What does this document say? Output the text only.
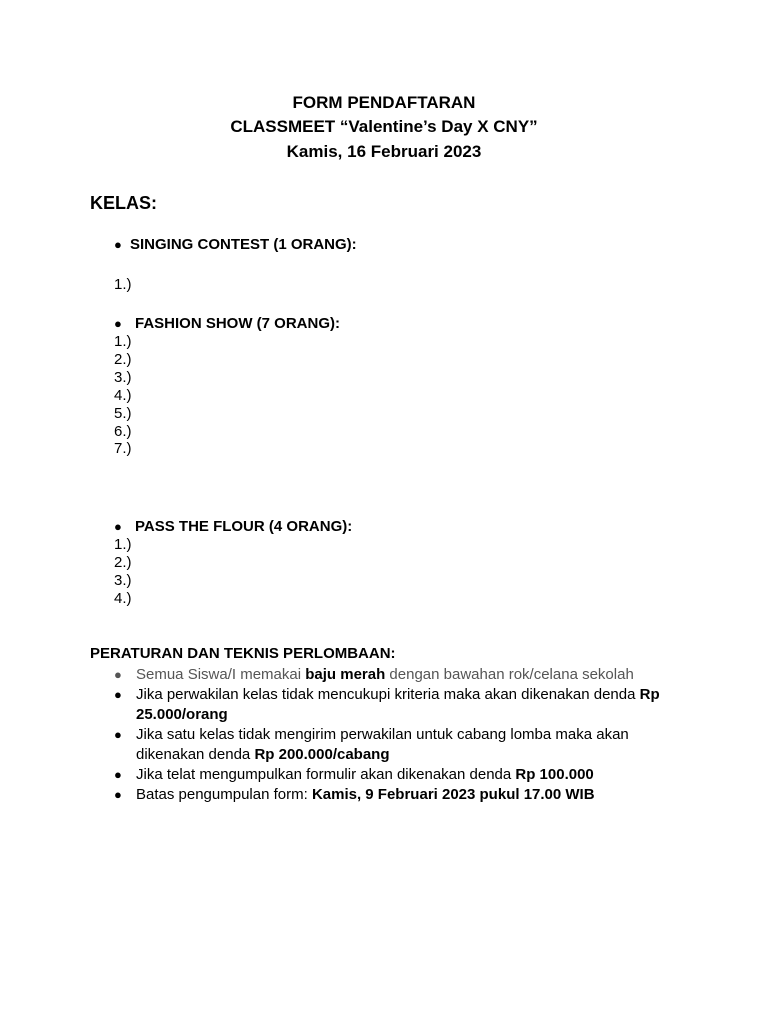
FORM PENDAFTARAN
CLASSMEET “Valentine’s Day X CNY”
Kamis, 16 Februari 2023
KELAS:
● SINGING CONTEST (1 ORANG):
1.)
● FASHION SHOW (7 ORANG):
1.)
2.)
3.)
4.)
5.)
6.)
7.)
● PASS THE FLOUR (4 ORANG):
1.)
2.)
3.)
4.)
PERATURAN DAN TEKNIS PERLOMBAAN:
● Semua Siswa/I memakai baju merah dengan bawahan rok/celana sekolah
● Jika perwakilan kelas tidak mencukupi kriteria maka akan dikenakan denda Rp 25.000/orang
● Jika satu kelas tidak mengirim perwakilan untuk cabang lomba maka akan dikenakan denda Rp 200.000/cabang
● Jika telat mengumpulkan formulir akan dikenakan denda Rp 100.000
● Batas pengumpulan form: Kamis, 9 Februari 2023 pukul 17.00 WIB
